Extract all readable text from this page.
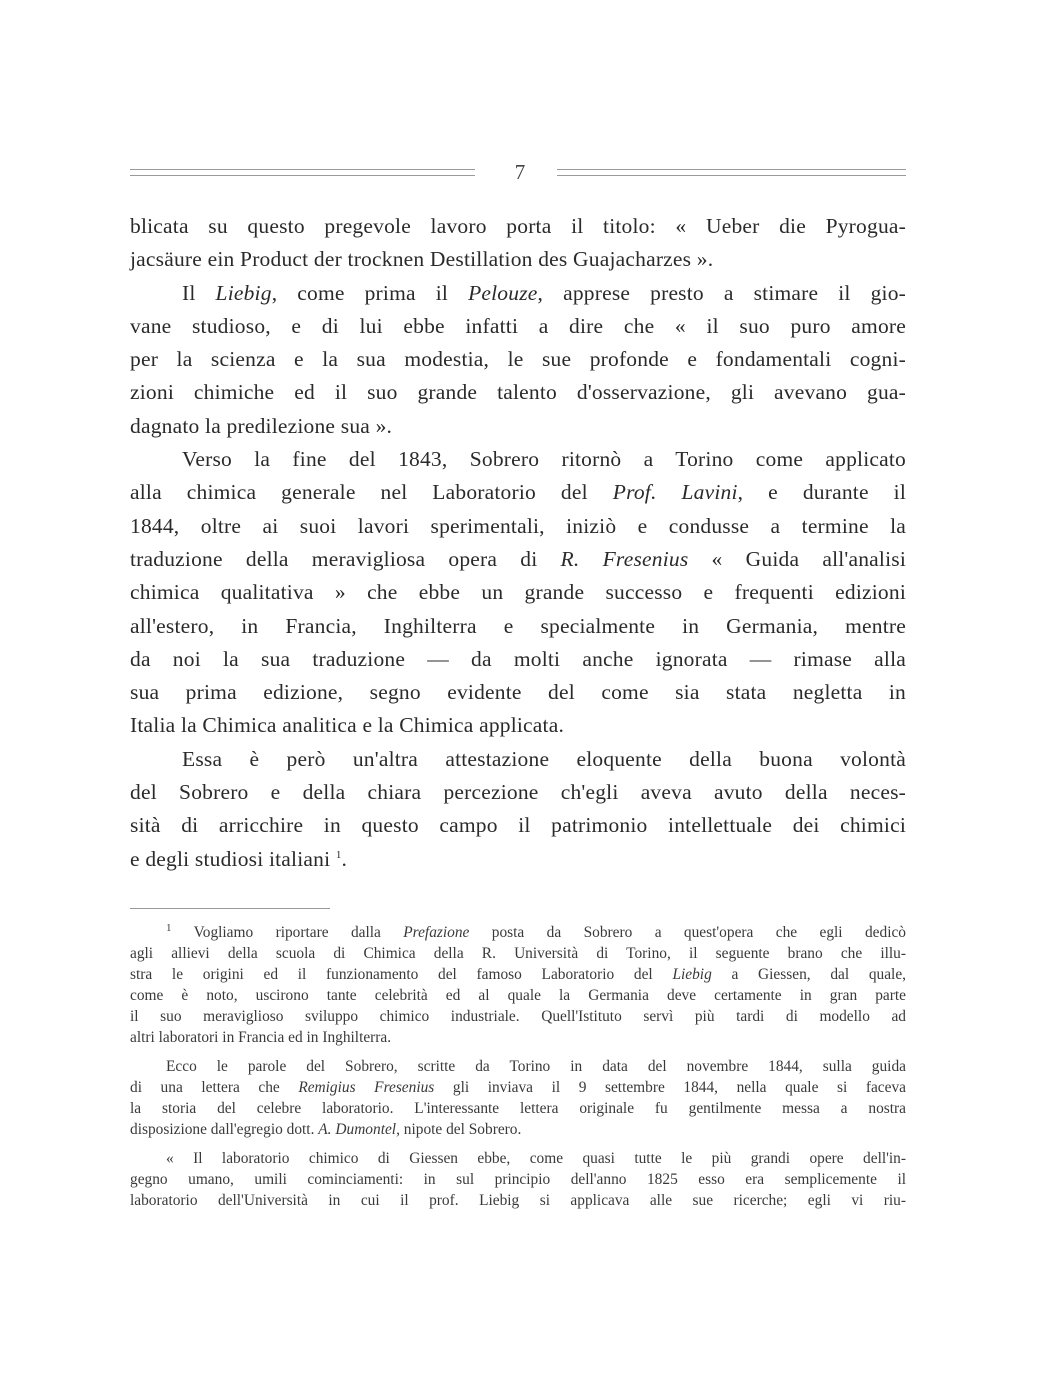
7

blicata su questo pregevole lavoro porta il titolo: « Ueber die Pyrogua-
jacsäure ein Product der trocknen Destillation des Guajacharzes ».

Il Liebig, come prima il Pelouze, apprese presto a stimare il gio-
vane studioso, e di lui ebbe infatti a dire che « il suo puro amore
per la scienza e la sua modestia, le sue profonde e fondamentali cogni-
zioni chimiche ed il suo grande talento d'osservazione, gli avevano gua-
dagnato la predilezione sua ».

Verso la fine del 1843, Sobrero ritornò a Torino come applicato
alla chimica generale nel Laboratorio del Prof. Lavini, e durante il
1844, oltre ai suoi lavori sperimentali, iniziò e condusse a termine la
traduzione della meravigliosa opera di R. Fresenius « Guida all'analisi
chimica qualitativa » che ebbe un grande successo e frequenti edizioni
all'estero, in Francia, Inghilterra e specialmente in Germania, mentre
da noi la sua traduzione — da molti anche ignorata — rimase alla
sua prima edizione, segno evidente del come sia stata negletta in
Italia la Chimica analitica e la Chimica applicata.

Essa è però un'altra attestazione eloquente della buona volontà
del Sobrero e della chiara percezione ch'egli aveva avuto della neces-
sità di arricchire in questo campo il patrimonio intellettuale dei chimici
e degli studiosi italiani $^1$.

$^1$ Vogliamo riportare dalla Prefazione posta da Sobrero a quest'opera che egli dedicò
agli allievi della scuola di Chimica della R. Università di Torino, il seguente brano che illu-
stra le origini ed il funzionamento del famoso Laboratorio del Liebig a Giessen, dal quale,
come è noto, uscirono tante celebrità ed al quale la Germania deve certamente in gran parte
il suo meraviglioso sviluppo chimico industriale. Quell'Istituto servì più tardi di modello ad
altri laboratori in Francia ed in Inghilterra.

Ecco le parole del Sobrero, scritte da Torino in data del novembre 1844, sulla guida
di una lettera che Remigius Fresenius gli inviava il 9 settembre 1844, nella quale si faceva
la storia del celebre laboratorio. L'interessante lettera originale fu gentilmente messa a nostra
disposizione dall'egregio dott. A. Dumontel, nipote del Sobrero.

« Il laboratorio chimico di Giessen ebbe, come quasi tutte le più grandi opere dell'in-
gegno umano, umili cominciamenti: in sul principio dell'anno 1825 esso era semplicemente il
laboratorio dell'Università in cui il prof. Liebig si applicava alle sue ricerche; egli vi riu-
